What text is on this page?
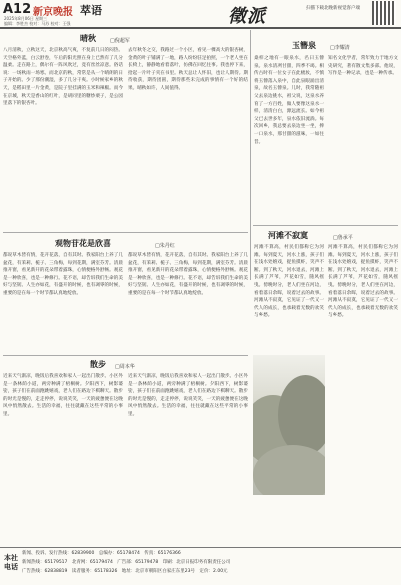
A12 新京晚报 萃语
2025年8月06日 星期三
编辑：李胜杰 校对：马苏 校对：王强	徵派	扫描下载北晚新视觉客户端
晴秋	□倪超军
八月清秋，立秋这天，北京秋高气爽，不复前几日的闷热。天空格外蓝，白云舒卷，午后的阳光照在身上已然有了几分温柔。走在路上，偶尔有一阵风吹过，竟有丝丝凉意。俗话说：一场秋雨一场寒。而北京的秋，常常是从一个晴朗的日子开始的。少了那份潮湿，多了几分干爽。小时候家乡的秋天，是稻田里一片金黄，是院子里挂满的玉米和辣椒。而今在京城，秋天是香山的红叶，是胡同里的糖炒栗子，是公园里落下的银杏叶。
去年秋冬之交，我路过一个小区，看见一棵高大的银杏树，金黄的叶子铺满了一地，路人纷纷驻足拍照，一个老人坐在长椅上，静静地看着落叶，仿佛在回忆往事。我也停下来，拾起一片叶子夹在书里。秋天总让人怀旧，也让人期待。期待收获，期待团圆，期待那些未完成的事情有一个好的结果。晴秋如许，人间值得。
玉簪泉	□李耀清
桑梓之地有一眼泉水，名曰玉簪泉。泉水清冽甘甜，四季不竭。相传古时有一位女子在此梳妆，不慎将玉簪落入泉中，自此泉眼涌出清泉，故名玉簪泉。儿时，我常随祖父去泉边挑水，祖父说，这泉水养育了一方百姓，做人要像这泉水一样，清清白白，源远流长。如今祖父已去世多年，泉水依旧流淌。每次回乡，我总要去泉边坐一坐，捧一口泉水，那甘甜的滋味，一如往昔。
知名文化学者，常年致力于地方文史研究，著有散文集多部。他说，写作是一种记录，也是一种传承。
观物苷花是欣喜	□朱丹红
都说草木皆有情，花开花落，自有其时。我家阳台上养了几盆花，有茉莉、栀子、三角梅，每到花期，满室芬芳。清晨推开窗，看见新开的花朵带着露珠，心情便格外舒畅。观花是一种欣喜，也是一种修行。花不语，却告诉我们生命的美好与坚韧。人生亦如花，有盛开的时候，也有凋零的时候，重要的是在每一个时节都认真地绽放。
都说草木皆有情，花开花落，自有其时。我家阳台上养了几盆花，有茉莉、栀子、三角梅，每到花期，满室芬芳。清晨推开窗，看见新开的花朵带着露珠，心情便格外舒畅。观花是一种欣喜，也是一种修行。花不语，却告诉我们生命的美好与坚韧。人生亦如花，有盛开的时候，也有凋零的时候，重要的是在每一个时节都认真地绽放。
散步 □周本华
近来天气渐凉，晚饭后我喜欢和家人一起出门散步。小区外是一条林荫小道，两旁种满了梧桐树。夕阳西下，树影婆娑，孩子们在前面跑跳嬉戏，老人们在路边下棋聊天。散步的时光是慢的，走走停停，说说笑笑，一天的疲惫便在这晚风中悄然散去。生活的幸福，往往就藏在这些平常的小事里。
近来天气渐凉，晚饭后我喜欢和家人一起出门散步。小区外是一条林荫小道，两旁种满了梧桐树。夕阳西下，树影婆娑，孩子们在前面跑跳嬉戏，老人们在路边下棋聊天。散步的时光是慢的，走走停停，说说笑笑，一天的疲惫便在这晚风中悄然散去。生活的幸福，往往就藏在这些平常的小事里。
河滩不寂寞	□鲁承平
河滩不算高，村民们都称它为河滩。每到夏天，河水上涨，孩子们在浅水处嬉戏，捉鱼摸虾，笑声不断。到了秋天，河水退去，河滩上长满了芦苇，芦花如雪，随风摇曳。傍晚时分，老人们坐在河边，看着落日余晖，说着过去的故事。河滩从不寂寞，它见证了一代又一代人的成长，也承载着无数的欢笑与乡愁。
河滩不算高，村民们都称它为河滩。每到夏天，河水上涨，孩子们在浅水处嬉戏，捉鱼摸虾，笑声不断。到了秋天，河水退去，河滩上长满了芦苇，芦花如雪，随风摇曳。傍晚时分，老人们坐在河边，看着落日余晖，说着过去的故事。河滩从不寂寞，它见证了一代又一代人的成长，也承载着无数的欢笑与乡愁。
本社电话
新闻、投诉、发行热线：62839900　总编办：65178474　传真：65176366
新闻热线：65179517　北青网：65179474　广告部：65179478　印刷：北京日报印务有限责任公司
广告热线：62838819　读者服务：65178326　地址：北京市朝阳区白家庄东里23号　定价：2.00元
